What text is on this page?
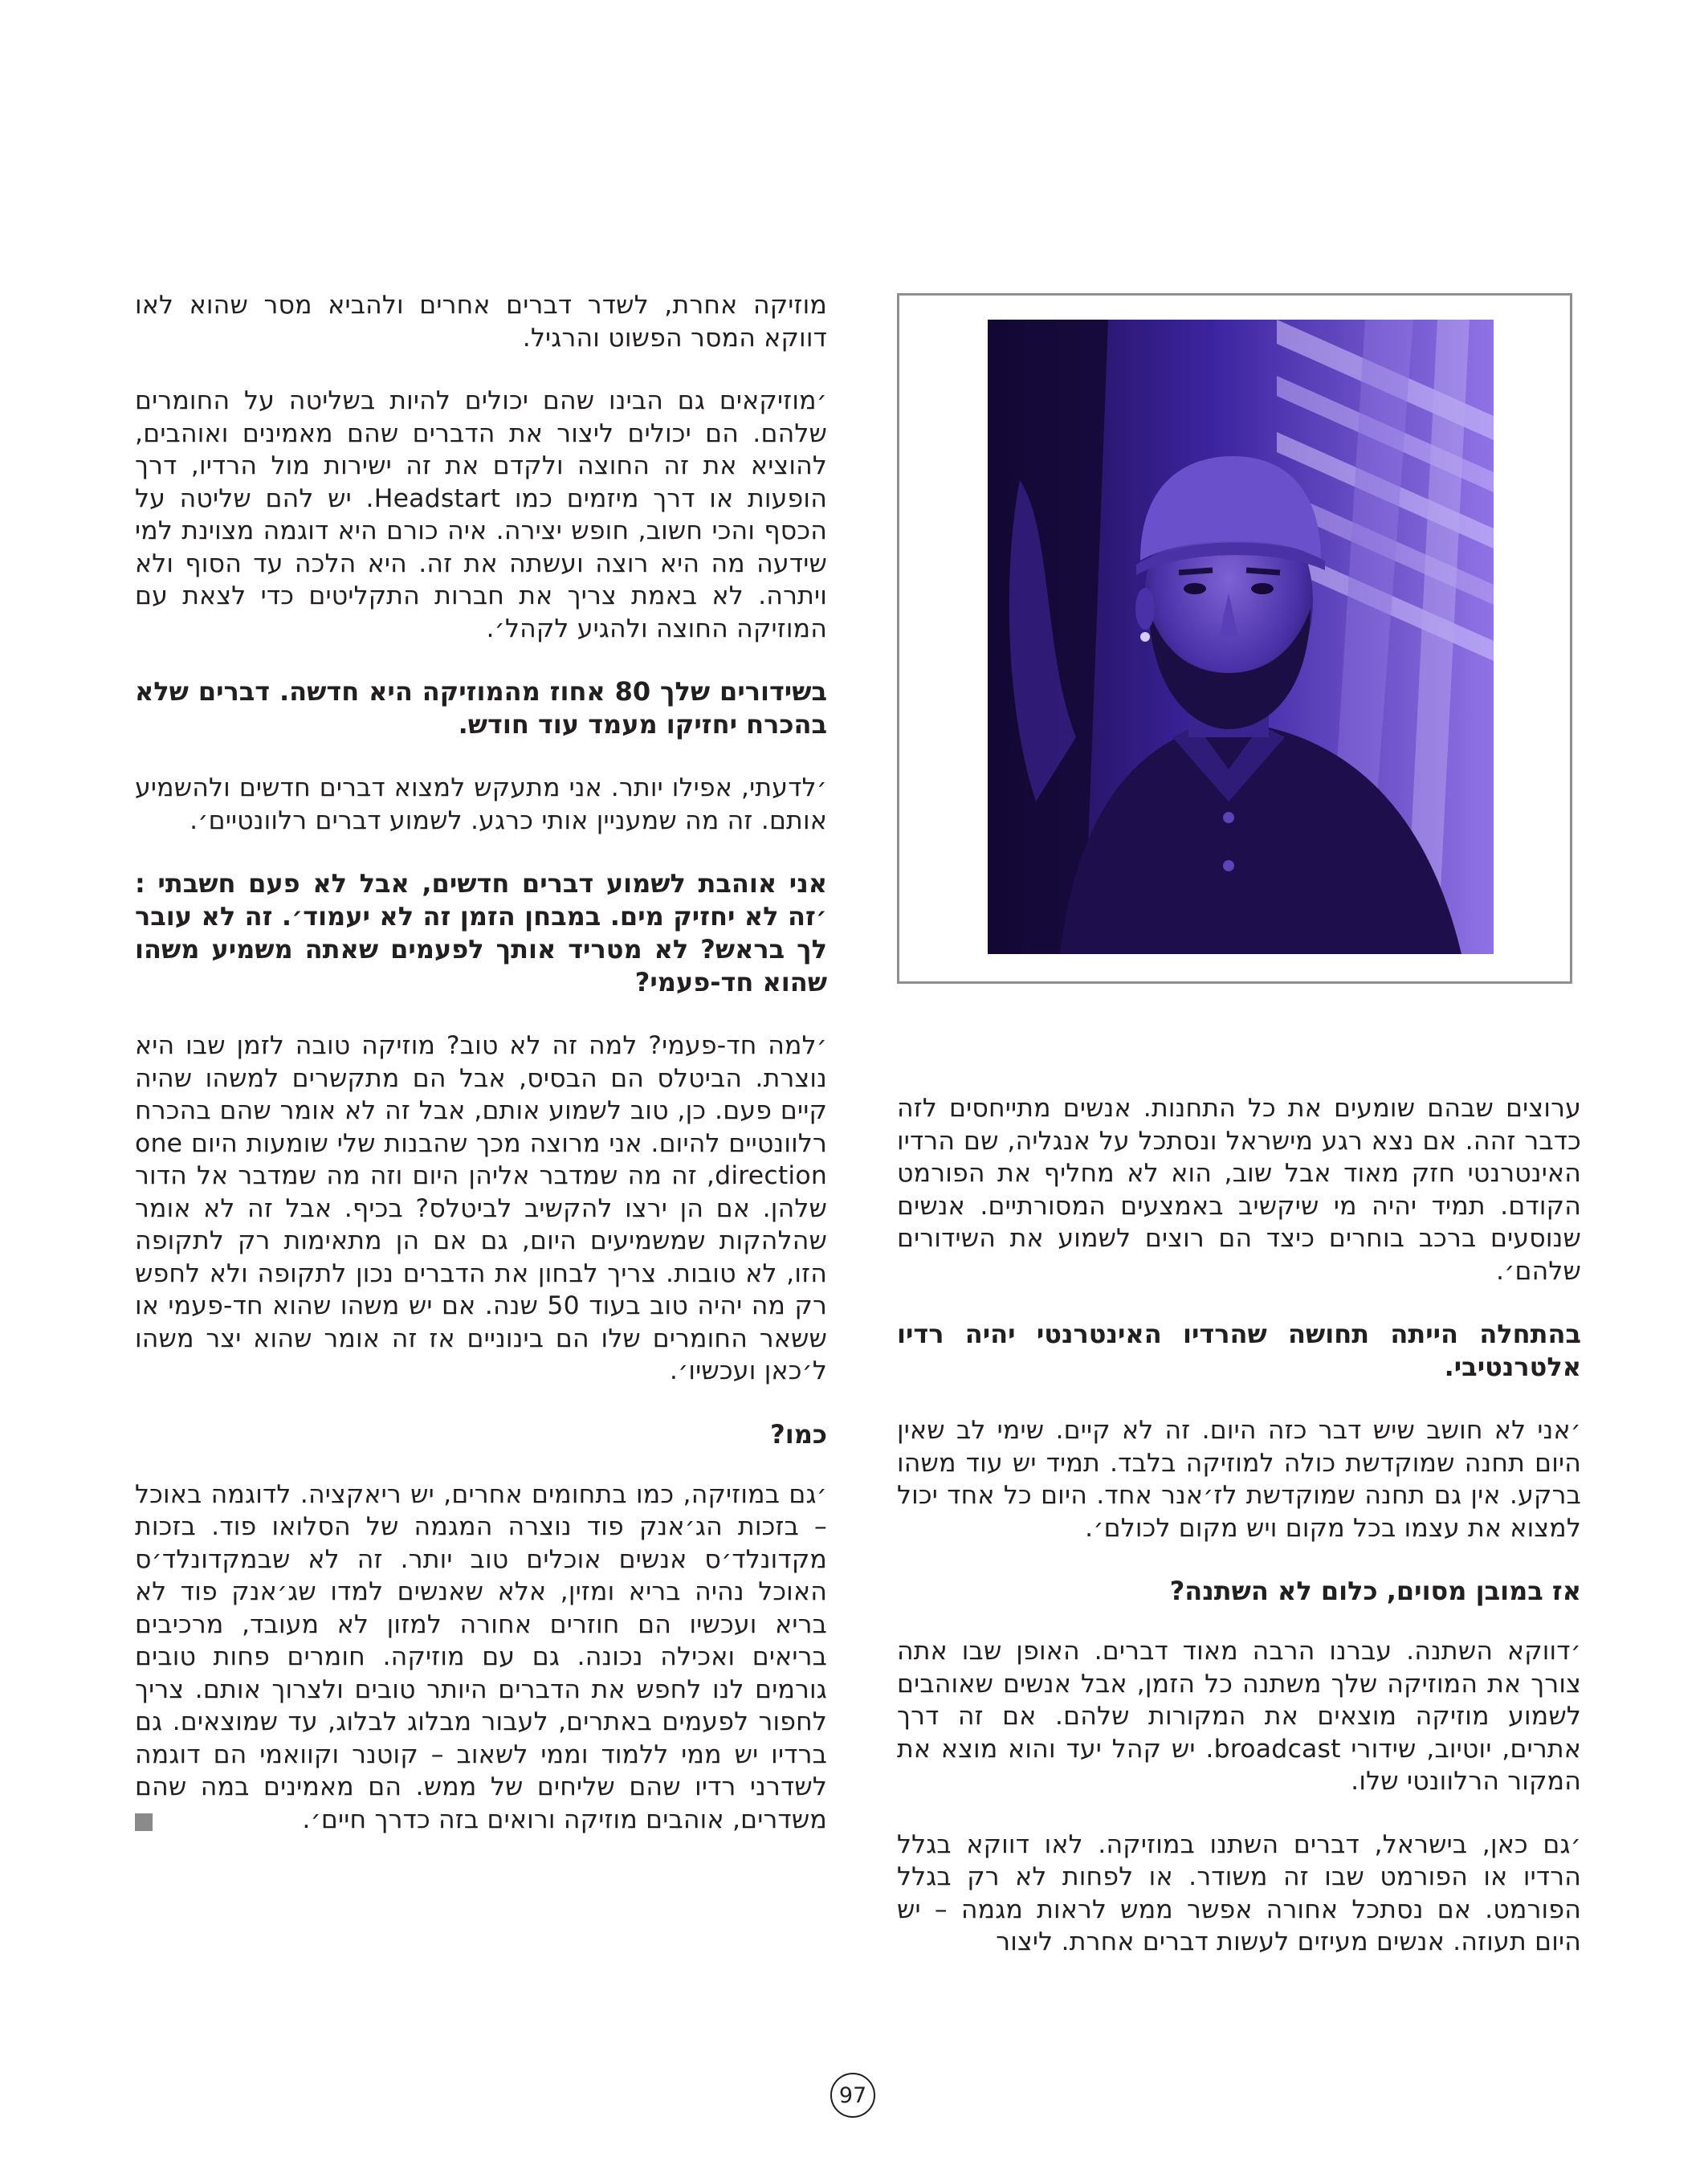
מוזיקה אחרת, לשדר דברים אחרים ולהביא מסר שהוא לאו דווקא המסר הפשוט והרגיל.

׳מוזיקאים גם הבינו שהם יכולים להיות בשליטה על החומרים שלהם. הם יכולים ליצור את הדברים שהם מאמינים ואוהבים, להוציא את זה החוצה ולקדם את זה ישירות מול הרדיו, דרך הופעות או דרך מיזמים כמו Headstart. יש להם שליטה על הכסף והכי חשוב, חופש יצירה. איה כורם היא דוגמה מצוינת למי שידעה מה היא רוצה ועשתה את זה. היא הלכה עד הסוף ולא ויתרה. לא באמת צריך את חברות התקליטים כדי לצאת עם המוזיקה החוצה ולהגיע לקהל׳.

בשידורים שלך 80 אחוז מהמוזיקה היא חדשה. דברים שלא בהכרח יחזיקו מעמד עוד חודש.

׳לדעתי, אפילו יותר. אני מתעקש למצוא דברים חדשים ולהשמיע אותם. זה מה שמעניין אותי כרגע. לשמוע דברים רלוונטיים׳.

אני אוהבת לשמוע דברים חדשים, אבל לא פעם חשבתי : ׳זה לא יחזיק מים. במבחן הזמן זה לא יעמוד׳. זה לא עובר לך בראש? לא מטריד אותך לפעמים שאתה משמיע משהו שהוא חד-פעמי?

׳למה חד-פעמי? למה זה לא טוב? מוזיקה טובה לזמן שבו היא נוצרת. הביטלס הם הבסיס, אבל הם מתקשרים למשהו שהיה קיים פעם. כן, טוב לשמוע אותם, אבל זה לא אומר שהם בהכרח רלוונטיים להיום. אני מרוצה מכך שהבנות שלי שומעות היום one direction, זה מה שמדבר אליהן היום וזה מה שמדבר אל הדור שלהן. אם הן ירצו להקשיב לביטלס? בכיף. אבל זה לא אומר שהלהקות שמשמיעים היום, גם אם הן מתאימות רק לתקופה הזו, לא טובות. צריך לבחון את הדברים נכון לתקופה ולא לחפש רק מה יהיה טוב בעוד 50 שנה. אם יש משהו שהוא חד-פעמי או ששאר החומרים שלו הם בינוניים אז זה אומר שהוא יצר משהו ל׳כאן ועכשיו׳.

כמו?

׳גם במוזיקה, כמו בתחומים אחרים, יש ריאקציה. לדוגמה באוכל – בזכות הג׳אנק פוד נוצרה המגמה של הסלואו פוד. בזכות מקדונלד׳ס אנשים אוכלים טוב יותר. זה לא שבמקדונלד׳ס האוכל נהיה בריא ומזין, אלא שאנשים למדו שג׳אנק פוד לא בריא ועכשיו הם חוזרים אחורה למזון לא מעובד, מרכיבים בריאים ואכילה נכונה. גם עם מוזיקה. חומרים פחות טובים גורמים לנו לחפש את הדברים היותר טובים ולצרוך אותם. צריך לחפור לפעמים באתרים, לעבור מבלוג לבלוג, עד שמוצאים. גם ברדיו יש ממי ללמוד וממי לשאוב – קוטנר וקוואמי הם דוגמה לשדרני רדיו שהם שליחים של ממש. הם מאמינים במה שהם משדרים, אוהבים מוזיקה ורואים בזה כדרך חיים׳.

ערוצים שבהם שומעים את כל התחנות. אנשים מתייחסים לזה כדבר זהה. אם נצא רגע מישראל ונסתכל על אנגליה, שם הרדיו האינטרנטי חזק מאוד אבל שוב, הוא לא מחליף את הפורמט הקודם. תמיד יהיה מי שיקשיב באמצעים המסורתיים. אנשים שנוסעים ברכב בוחרים כיצד הם רוצים לשמוע את השידורים שלהם׳.

בהתחלה הייתה תחושה שהרדיו האינטרנטי יהיה רדיו אלטרנטיבי.

׳אני לא חושב שיש דבר כזה היום. זה לא קיים. שימי לב שאין היום תחנה שמוקדשת כולה למוזיקה בלבד. תמיד יש עוד משהו ברקע. אין גם תחנה שמוקדשת לז׳אנר אחד. היום כל אחד יכול למצוא את עצמו בכל מקום ויש מקום לכולם׳.

אז במובן מסוים, כלום לא השתנה?

׳דווקא השתנה. עברנו הרבה מאוד דברים. האופן שבו אתה צורך את המוזיקה שלך משתנה כל הזמן, אבל אנשים שאוהבים לשמוע מוזיקה מוצאים את המקורות שלהם. אם זה דרך אתרים, יוטיוב, שידורי broadcast. יש קהל יעד והוא מוצא את המקור הרלוונטי שלו.

׳גם כאן, בישראל, דברים השתנו במוזיקה. לאו דווקא בגלל הרדיו או הפורמט שבו זה משודר. או לפחות לא רק בגלל הפורמט. אם נסתכל אחורה אפשר ממש לראות מגמה – יש היום תעוזה. אנשים מעיזים לעשות דברים אחרת. ליצור

97
